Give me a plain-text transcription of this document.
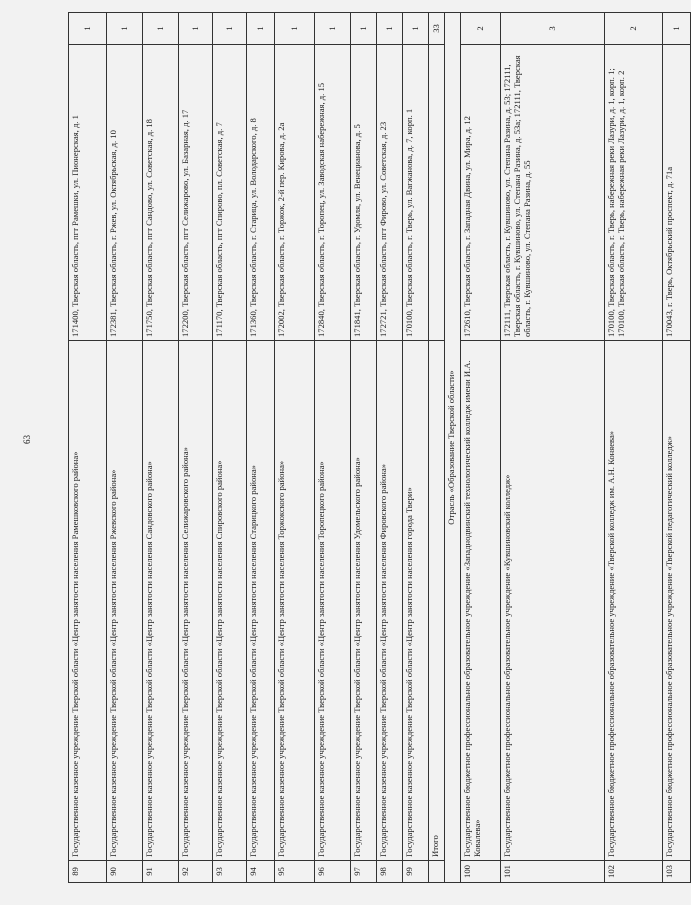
63
89	Государственное казенное учреждение Тверской области «Центр занятости населения Рамешковского района»	171400, Тверская область, пгт Рамешки, ул. Пионерская, д. 1	1
90	Государственное казенное учреждение Тверской области «Центр занятости населения Ржевского района»	172381, Тверская область, г. Ржев, ул. Октябрьская, д. 10	1
91	Государственное казенное учреждение Тверской области «Центр занятости населения Сандовского района»	171750, Тверская область, пгт Сандово, ул. Советская, д. 18	1
92	Государственное казенное учреждение Тверской области «Центр занятости населения Селижаровского района»	172200, Тверская область, пгт Селижарово, ул. Базарная, д. 17	1
93	Государственное казенное учреждение Тверской области «Центр занятости населения Спировского района»	171170, Тверская область, пгт Спирово, пл. Советская, д. 7	1
94	Государственное казенное учреждение Тверской области «Центр занятости населения Старицкого района»	171360, Тверская область, г. Старица, ул. Володарского, д. 8	1
95	Государственное казенное учреждение Тверской области «Центр занятости населения Торжокского района»	172002, Тверская область, г. Торжок, 2-й пер. Кирова, д. 2а	1
96	Государственное казенное учреждение Тверской области «Центр занятости населения Торопецкого района»	172840, Тверская область, г. Торопец, ул. Заводская набережная, д. 15	1
97	Государственное казенное учреждение Тверской области «Центр занятости населения Удомельского района»	171841, Тверская область, г. Удомля, ул. Венецианова, д. 5	1
98	Государственное казенное учреждение Тверской области «Центр занятости населения Фировского района»	172721, Тверская область, пгт Фирово, ул. Советская, д. 23	1
99	Государственное казенное учреждение Тверской области «Центр занятости населения города Твери»	170100, Тверская область, г. Тверь, ул. Вагжанова, д. 7, корп. 1	1
	Итого		33
Отрасль «Образование Тверской области»			
100	Государственное бюджетное профессиональное образовательное учреждение «Западнодвинский технологический колледж имени И.А. Ковалева»	172610, Тверская область, г. Западная Двина, ул. Мира, д. 12	2
101	Государственное бюджетное профессиональное образовательное учреждение «Кувшиновский колледж»	172111, Тверская область, г. Кувшиново, ул. Степана Разина, д. 53; 172111, Тверская область, г. Кувшиново, ул. Степана Разина, д. 53а; 172111, Тверская область, г. Кувшиново, ул. Степана Разина, д. 55	3
102	Государственное бюджетное профессиональное образовательное учреждение «Тверской колледж им. А.Н. Коняева»	170100, Тверская область, г. Тверь, набережная реки Лазури, д. 1, корп. 1; 170100, Тверская область, г. Тверь, набережная реки Лазури, д. 1, корп. 2	2
103	Государственное бюджетное профессиональное образовательное учреждение «Тверской педагогический колледж»	170043, г. Тверь, Октябрьский проспект, д. 71а	1
